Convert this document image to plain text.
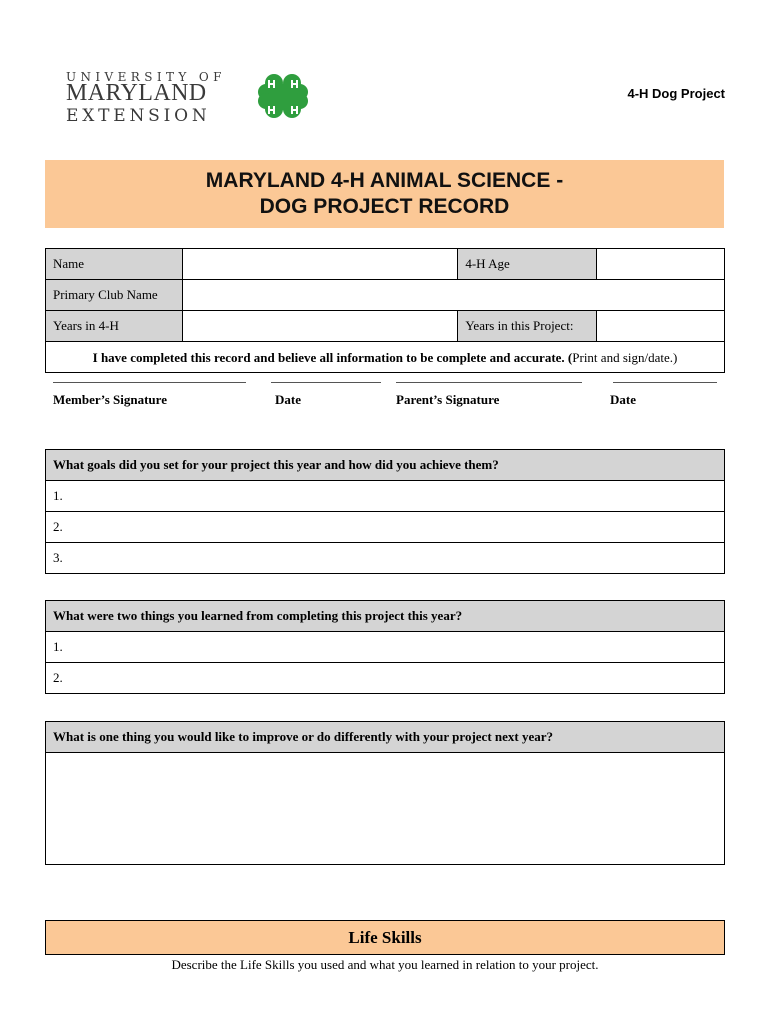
UNIVERSITY OF
MARYLAND
EXTENSION
4-H Dog Project
MARYLAND 4-H ANIMAL SCIENCE -
DOG PROJECT RECORD
Name		4-H Age	
Primary Club Name			
Years in 4-H		Years in this Project:	

I have completed this record and believe all information to be complete and accurate. (Print and sign/date.)
Member’s Signature Date Parent’s Signature Date			
What goals did you set for your project this year and how did you achieve them?
1.
2.
3.
What were two things you learned from completing this project this year?
1.
2.
What is one thing you would like to improve or do differently with your project next year?

Life Skills
Describe the Life Skills you used and what you learned in relation to your project.
